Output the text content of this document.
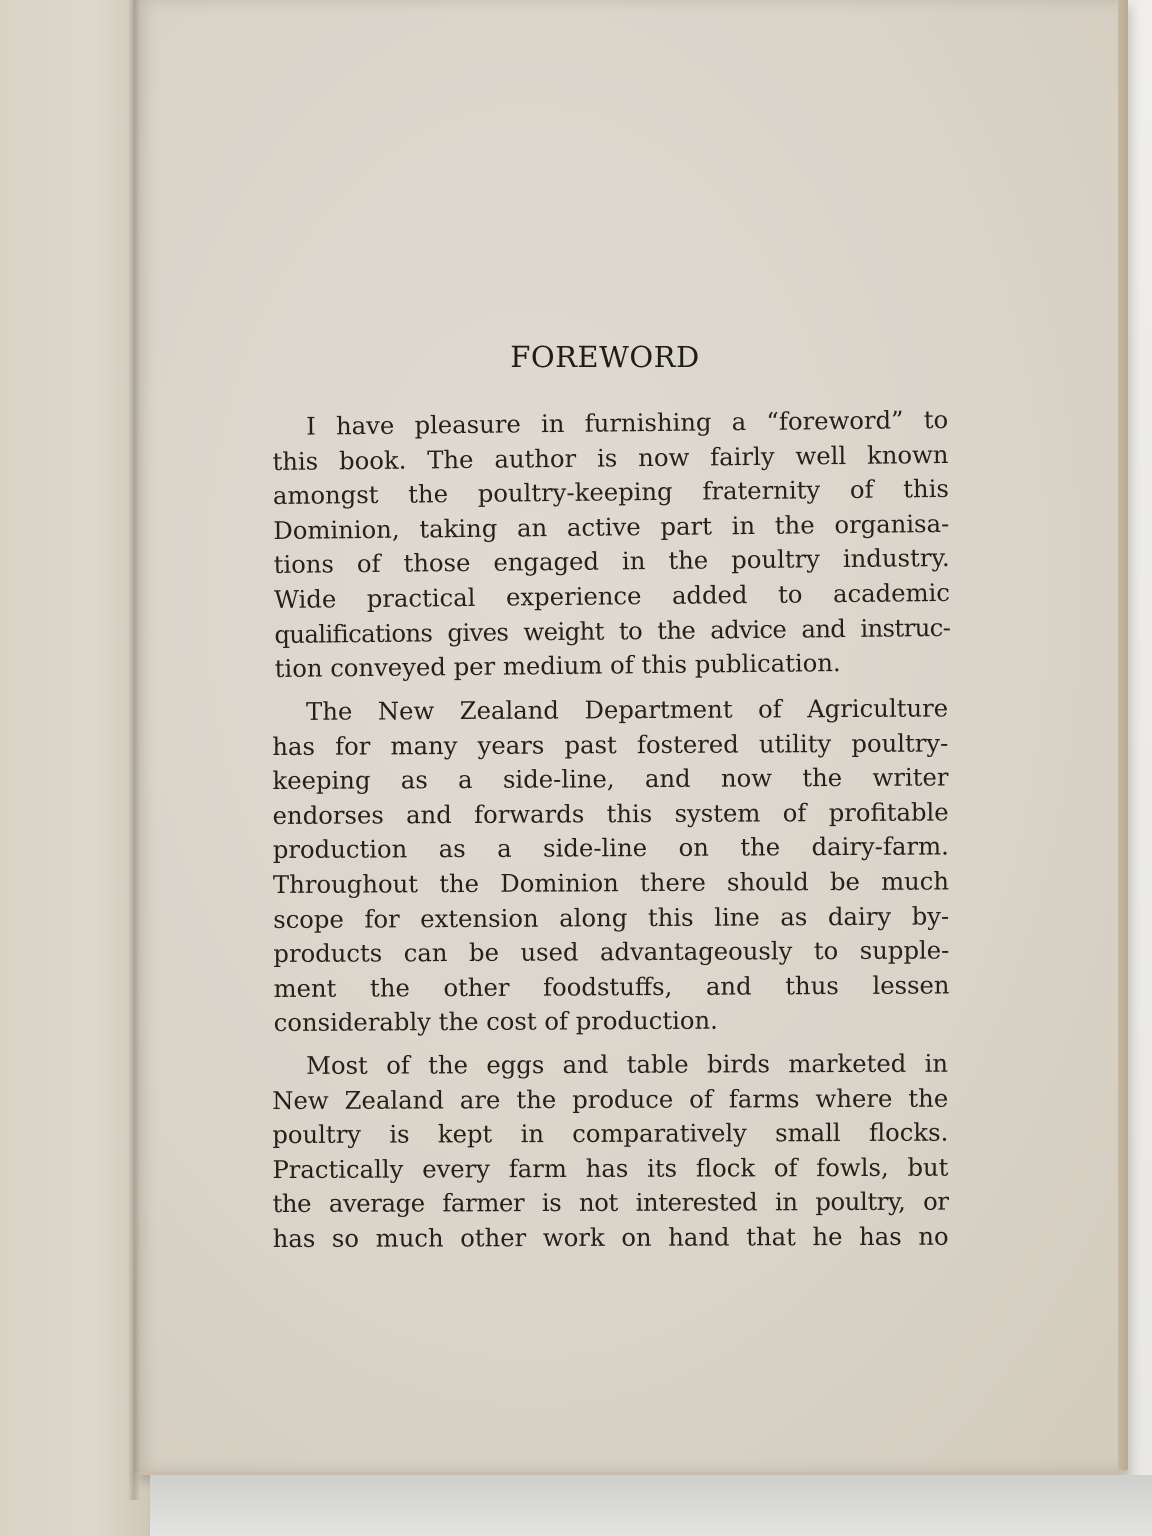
FOREWORD
I have pleasure in furnishing a “foreword” to
this book. The author is now fairly well known
amongst the poultry-keeping fraternity of this
Dominion, taking an active part in the organisa-
tions of those engaged in the poultry industry.
Wide practical experience added to academic
qualifications gives weight to the advice and instruc-
tion conveyed per medium of this publication.
The New Zealand Department of Agriculture
has for many years past fostered utility poultry-
keeping as a side-line, and now the writer
endorses and forwards this system of profitable
production as a side-line on the dairy-farm.
Throughout the Dominion there should be much
scope for extension along this line as dairy by-
products can be used advantageously to supple-
ment the other foodstuffs, and thus lessen
considerably the cost of production.
Most of the eggs and table birds marketed in
New Zealand are the produce of farms where the
poultry is kept in comparatively small flocks.
Practically every farm has its flock of fowls, but
the average farmer is not interested in poultry, or
has so much other work on hand that he has no
